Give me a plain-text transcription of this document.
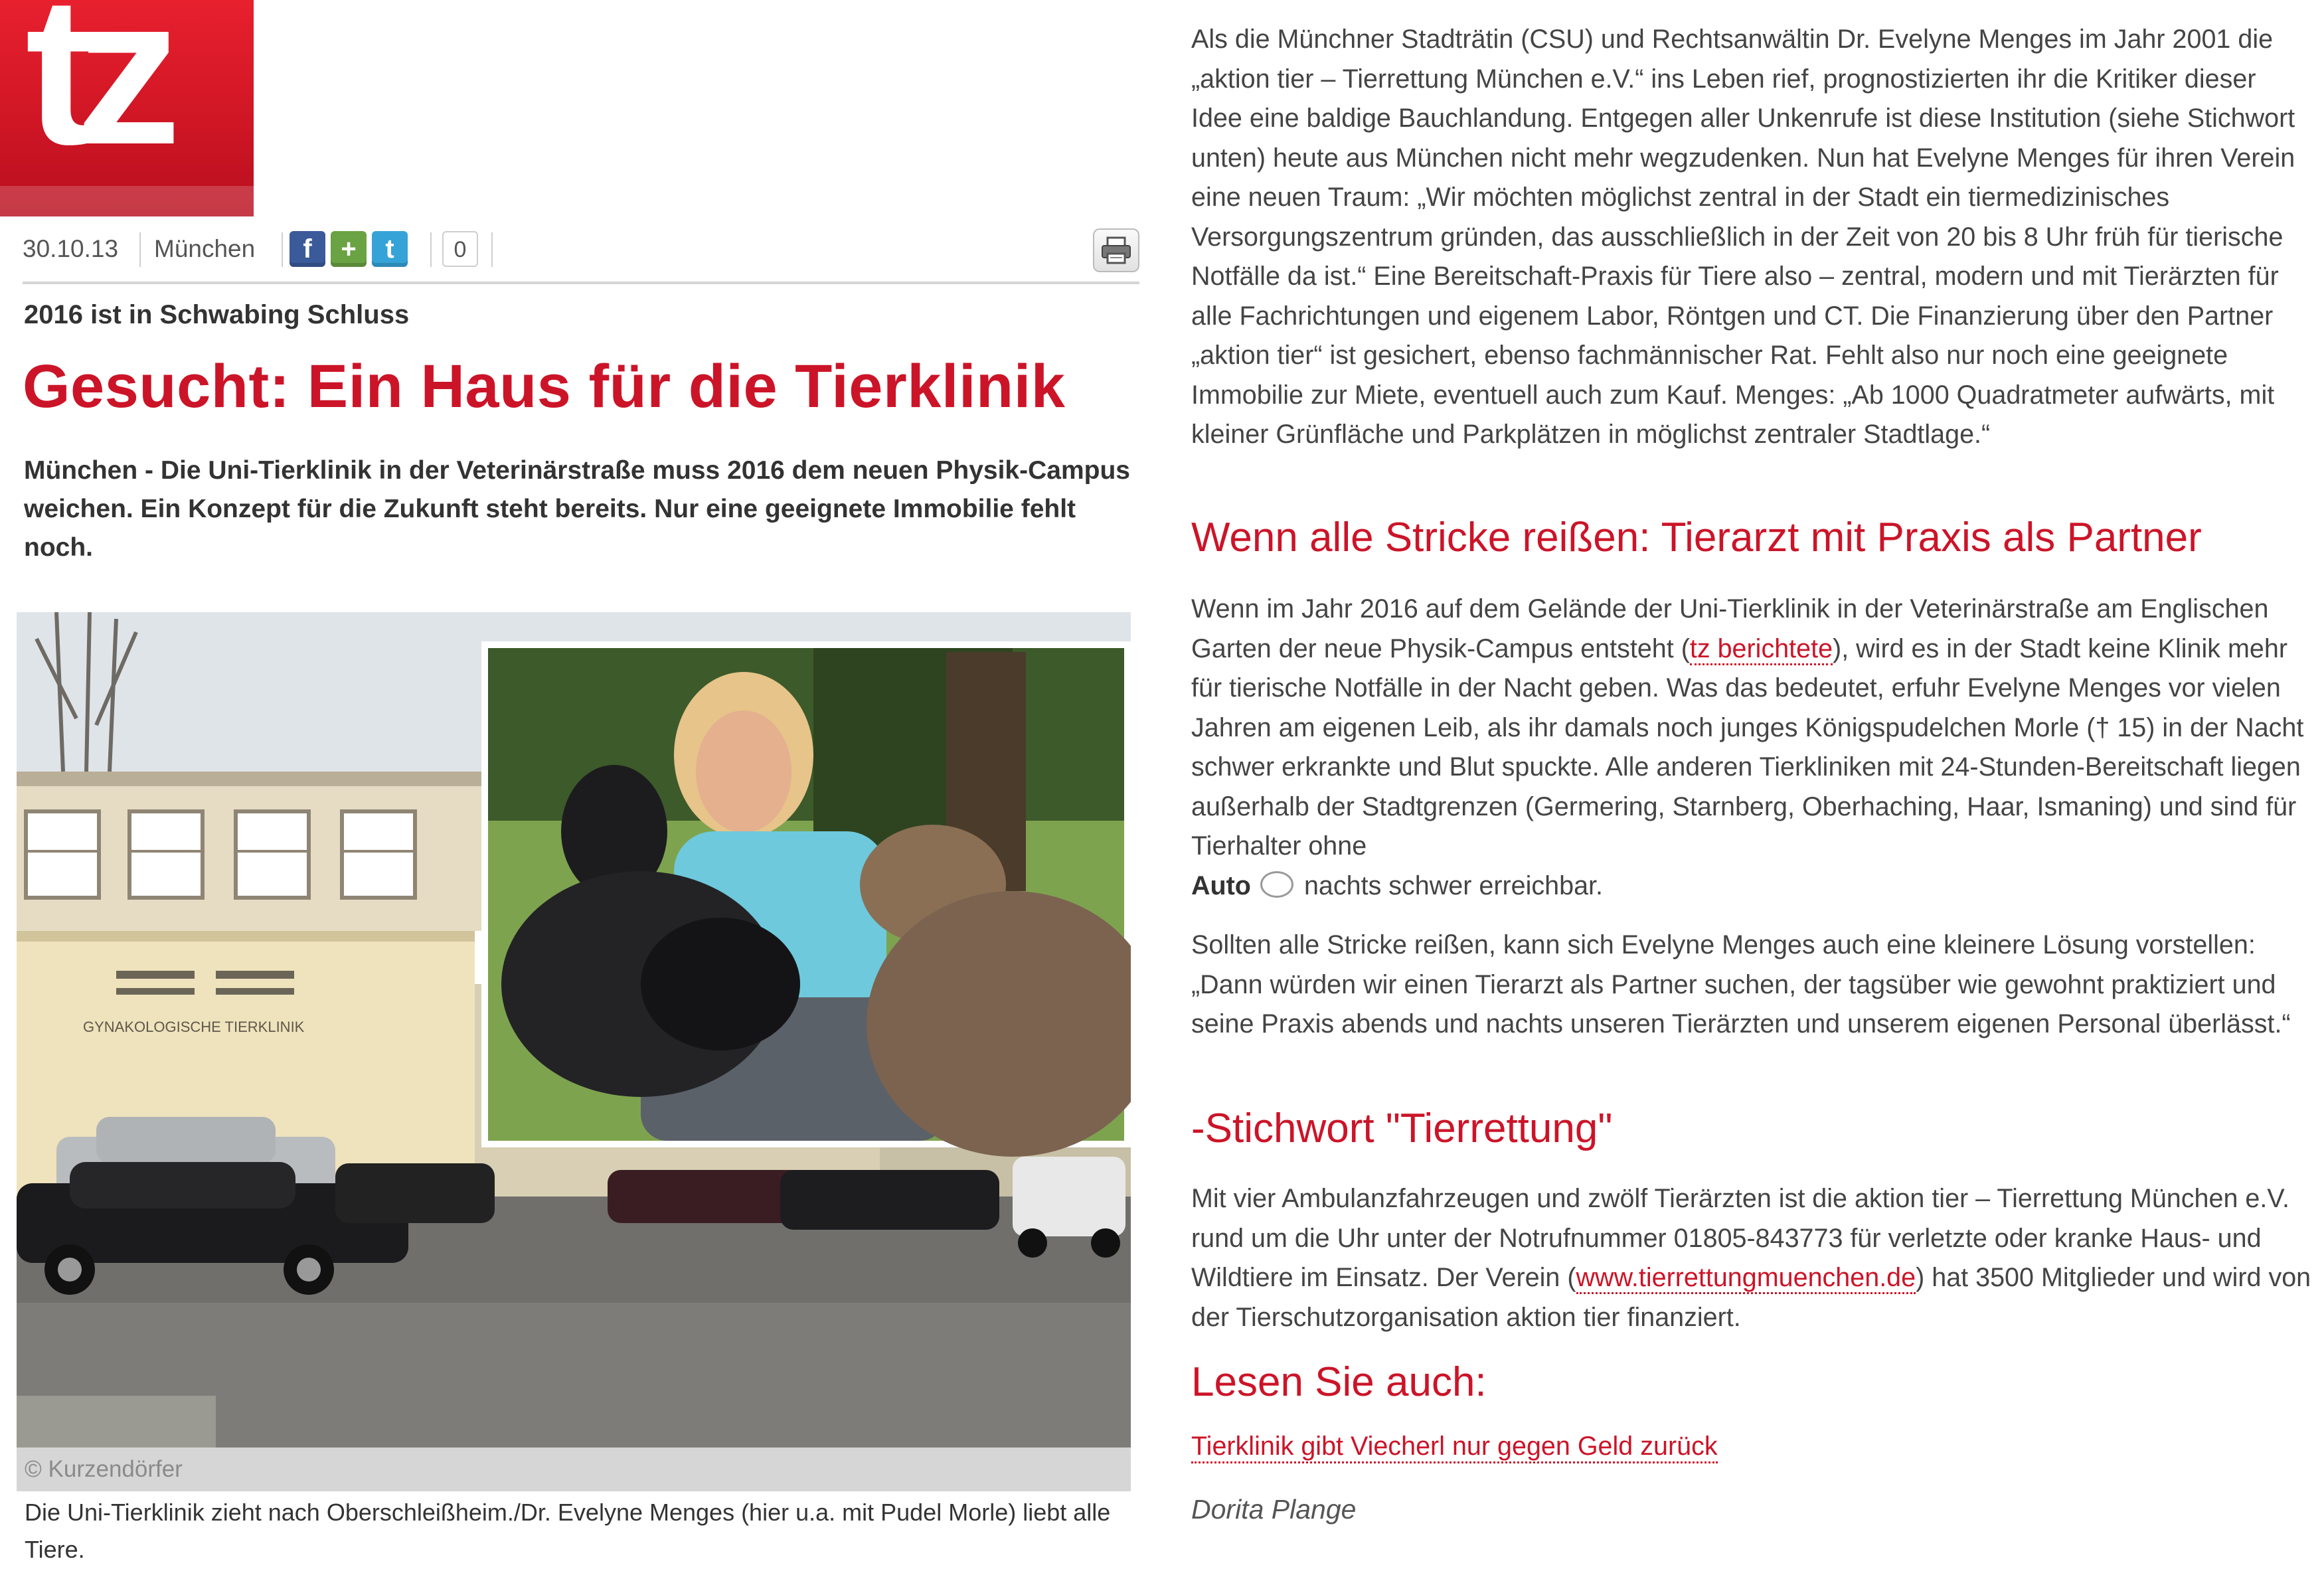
tz
30.10.13 München	f	+	t	0
2016 ist in Schwabing Schluss
Gesucht: Ein Haus für die Tierklinik

München - Die Uni-Tierklinik in der Veterinärstraße muss 2016 dem neuen Physik-Campus weichen. Ein Konzept für die Zukunft steht bereits. Nur eine geeignete Immobilie fehlt noch.

GYNAKOLOGISCHE TIERKLINIK
© Kurzendörfer
Die Uni-Tierklinik zieht nach Oberschleißheim./Dr. Evelyne Menges (hier u.a. mit Pudel Morle) liebt alle Tiere.

Als die Münchner Stadträtin (CSU) und Rechtsanwältin Dr. Evelyne Menges im Jahr 2001 die „aktion tier – Tierrettung München e.V.“ ins Leben rief, prognostizierten ihr die Kritiker dieser Idee eine baldige Bauchlandung. Entgegen aller Unkenrufe ist diese Institution (siehe Stichwort unten) heute aus München nicht mehr wegzudenken. Nun hat Evelyne Menges für ihren Verein eine neuen Traum: „Wir möchten möglichst zentral in der Stadt ein tiermedizinisches Versorgungszentrum gründen, das ausschließlich in der Zeit von 20 bis 8 Uhr früh für tierische Notfälle da ist.“ Eine Bereitschaft-Praxis für Tiere also – zentral, modern und mit Tierärzten für alle Fachrichtungen und eigenem Labor, Röntgen und CT. Die Finanzierung über den Partner „aktion tier“ ist gesichert, ebenso fachmännischer Rat. Fehlt also nur noch eine geeignete Immobilie zur Miete, eventuell auch zum Kauf. Menges: „Ab 1000 Quadratmeter aufwärts, mit kleiner Grünfläche und Parkplätzen in möglichst zentraler Stadtlage.“

Wenn alle Stricke reißen: Tierarzt mit Praxis als Partner

Wenn im Jahr 2016 auf dem Gelände der Uni-Tierklinik in der Veterinärstraße am Englischen Garten der neue Physik-Campus entsteht (tz berichtete), wird es in der Stadt keine Klinik mehr für tierische Notfälle in der Nacht geben. Was das bedeutet, erfuhr Evelyne Menges vor vielen Jahren am eigenen Leib, als ihr damals noch junges Königspudelchen Morle († 15) in der Nacht schwer erkrankte und Blut spuckte. Alle anderen Tierkliniken mit 24-Stunden-Bereitschaft liegen außerhalb der Stadtgrenzen (Germering, Starnberg, Oberhaching, Haar, Ismaning) und sind für Tierhalter ohne
Auto nachts schwer erreichbar.

Sollten alle Stricke reißen, kann sich Evelyne Menges auch eine kleinere Lösung vorstellen: „Dann würden wir einen Tierarzt als Partner suchen, der tagsüber wie gewohnt praktiziert und seine Praxis abends und nachts unseren Tierärzten und unserem eigenen Personal überlässt.“

-Stichwort "Tierrettung"

Mit vier Ambulanzfahrzeugen und zwölf Tierärzten ist die aktion tier – Tierrettung München e.V. rund um die Uhr unter der Notrufnummer 01805-843773 für verletzte oder kranke Haus- und Wildtiere im Einsatz. Der Verein (www.tierrettungmuenchen.de) hat 3500 Mitglieder und wird von der Tierschutzorganisation aktion tier finanziert.

Lesen Sie auch:
Tierklinik gibt Viecherl nur gegen Geld zurück
Dorita Plange
